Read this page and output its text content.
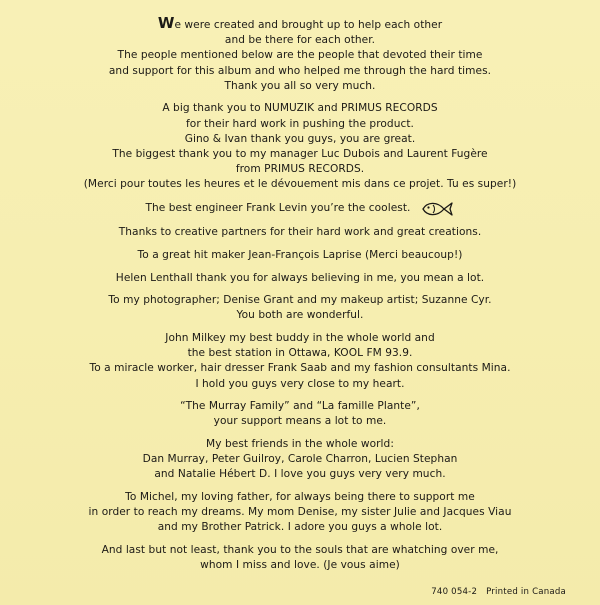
We were created and brought up to help each other
and be there for each other.
The people mentioned below are the people that devoted their time
and support for this album and who helped me through the hard times.
Thank you all so very much.
A big thank you to NUMUZIK and PRIMUS RECORDS
for their hard work in pushing the product.
Gino & Ivan thank you guys, you are great.
The biggest thank you to my manager Luc Dubois and Laurent Fugère
from PRIMUS RECORDS.
(Merci pour toutes les heures et le dévouement mis dans ce projet. Tu es super!)
The best engineer Frank Levin you’re the coolest.
Thanks to creative partners for their hard work and great creations.
To a great hit maker Jean-François Laprise (Merci beaucoup!)
Helen Lenthall thank you for always believing in me, you mean a lot.
To my photographer; Denise Grant and my makeup artist; Suzanne Cyr.
You both are wonderful.
John Milkey my best buddy in the whole world and
the best station in Ottawa, KOOL FM 93.9.
To a miracle worker, hair dresser Frank Saab and my fashion consultants Mina.
I hold you guys very close to my heart.
“The Murray Family” and “La famille Plante”,
your support means a lot to me.
My best friends in the whole world:
Dan Murray, Peter Guilroy, Carole Charron, Lucien Stephan
and Natalie Hébert D. I love you guys very very much.
To Michel, my loving father, for always being there to support me
in order to reach my dreams. My mom Denise, my sister Julie and Jacques Viau
and my Brother Patrick. I adore you guys a whole lot.
And last but not least, thank you to the souls that are whatching over me,
whom I miss and love. (Je vous aime)
740 054-2 Printed in Canada
